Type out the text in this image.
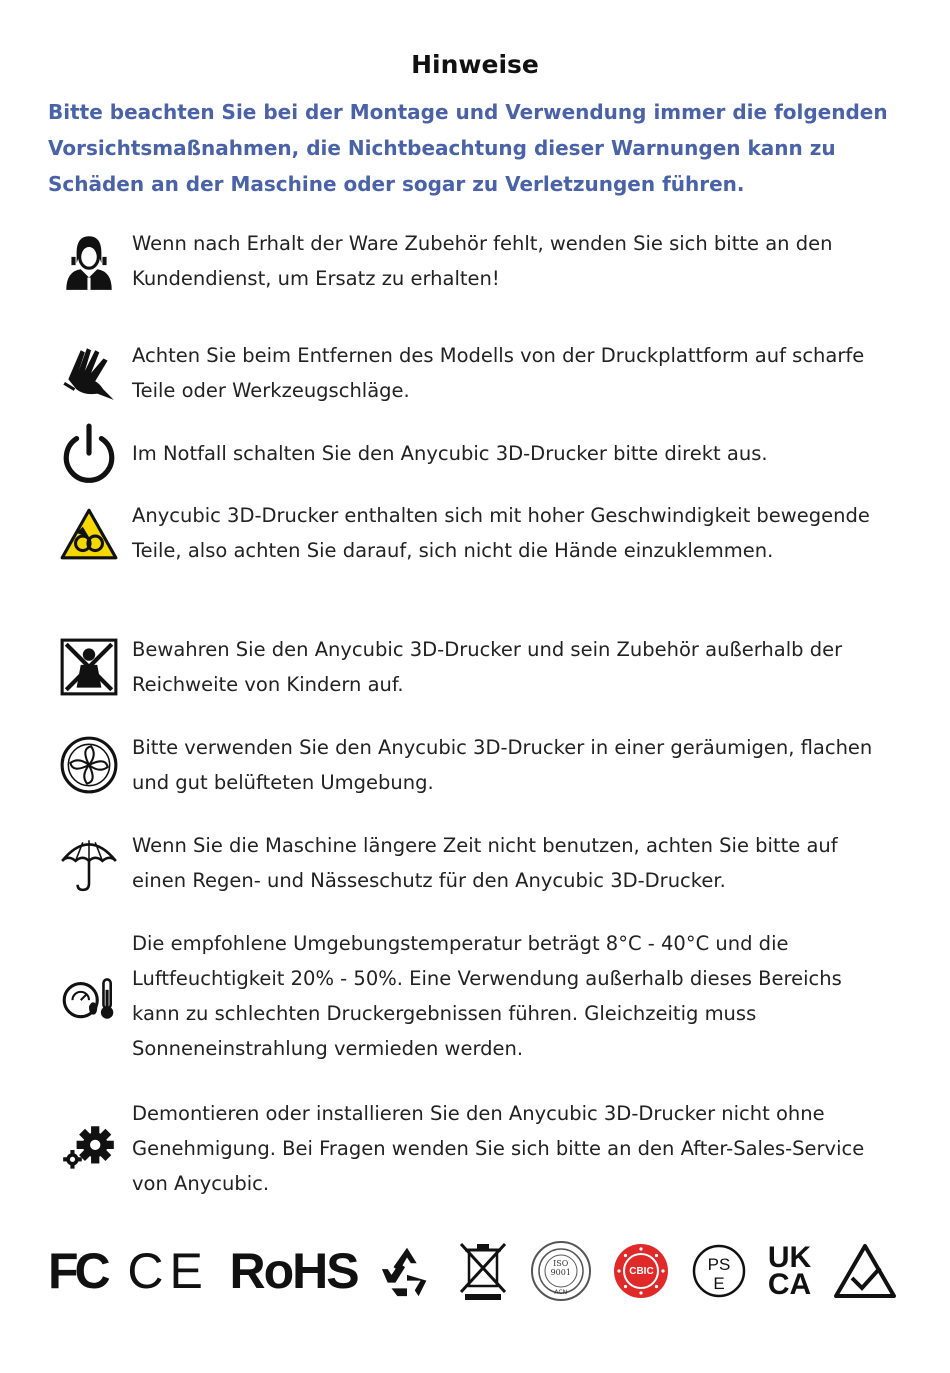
Hinweise
Bitte beachten Sie bei der Montage und Verwendung immer die folgenden Vorsichtsmaßnahmen, die Nichtbeachtung dieser Warnungen kann zu Schäden an der Maschine oder sogar zu Verletzungen führen.
Wenn nach Erhalt der Ware Zubehör fehlt, wenden Sie sich bitte an den Kundendienst, um Ersatz zu erhalten!
Achten Sie beim Entfernen des Modells von der Druckplattform auf scharfe Teile oder Werkzeugschläge.
Im Notfall schalten Sie den Anycubic 3D-Drucker bitte direkt aus.
Anycubic 3D-Drucker enthalten sich mit hoher Geschwindigkeit bewegende Teile, also achten Sie darauf, sich nicht die Hände einzuklemmen.
Bewahren Sie den Anycubic 3D-Drucker und sein Zubehör außerhalb der Reichweite von Kindern auf.
Bitte verwenden Sie den Anycubic 3D-Drucker in einer geräumigen, flachen und gut belüfteten Umgebung.
Wenn Sie die Maschine längere Zeit nicht benutzen, achten Sie bitte auf einen Regen- und Nässeschutz für den Anycubic 3D-Drucker.
Die empfohlene Umgebungstemperatur beträgt 8°C - 40°C und die Luftfeuchtigkeit 20% - 50%. Eine Verwendung außerhalb dieses Bereichs kann zu schlechten Druckergebnissen führen. Gleichzeitig muss Sonneneinstrahlung vermieden werden.
Demontieren oder installieren Sie den Anycubic 3D-Drucker nicht ohne Genehmigung. Bei Fragen wenden Sie sich bitte an den After-Sales-Service von Anycubic.
FC CE RoHS	ISO 9001
ACN
CBIC	PS
E
UK
CA
